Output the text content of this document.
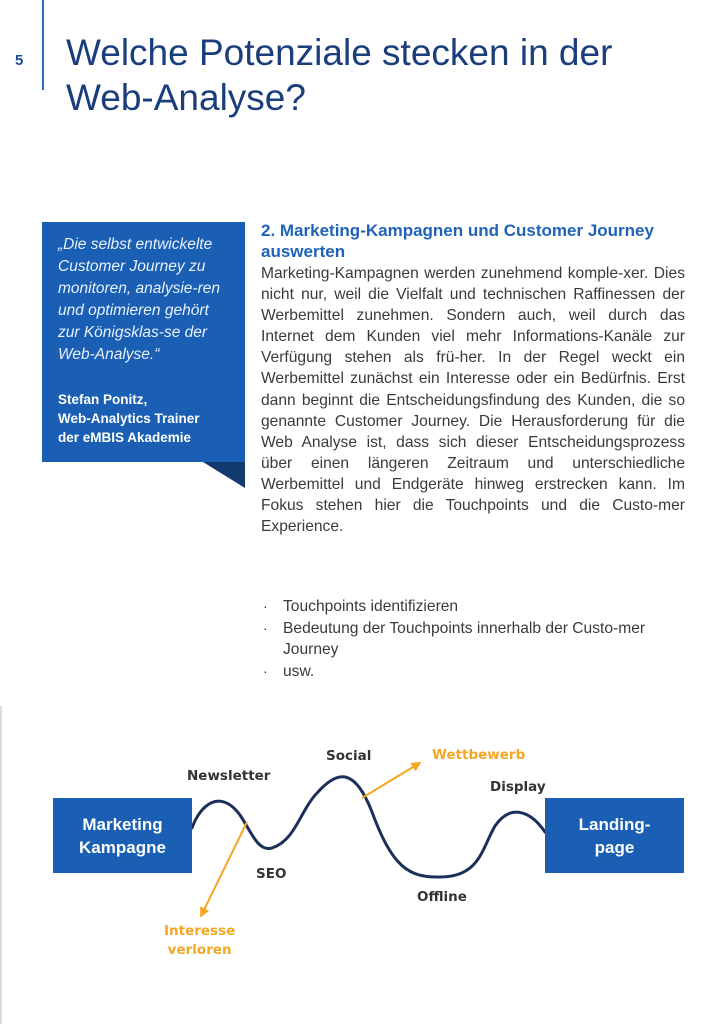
5 Welche Potenziale stecken in der Web-Analyse?

„Die selbst entwickelte Customer Journey zu monitoren, analysie-ren und optimieren gehört zur Königsklas-se der Web-Analyse.“

Stefan Ponitz,
Web-Analytics Trainer
der eMBIS Akademie
2. Marketing-Kampagnen und Customer Journey auswerten

Marketing-Kampagnen werden zunehmend komple-xer. Dies nicht nur, weil die Vielfalt und technischen Raffinessen der Werbemittel zunehmen. Sondern auch, weil durch das Internet dem Kunden viel mehr Informations-Kanäle zur Verfügung stehen als frü-her. In der Regel weckt ein Werbemittel zunächst ein Interesse oder ein Bedürfnis. Erst dann beginnt die Entscheidungsfindung des Kunden, die so genannte Customer Journey. Die Herausforderung für die Web Analyse ist, dass sich dieser Entscheidungsprozess über einen längeren Zeitraum und unterschiedliche Werbemittel und Endgeräte hinweg erstrecken kann. Im Fokus stehen hier die Touchpoints und die Custo-mer Experience.

· Touchpoints identifizieren
· Bedeutung der Touchpoints innerhalb der Custo-mer Journey
· usw.
Marketing
Kampagne
Landing-
page
Newsletter
Social
SEO
Offline
Display
Wettbewerb
Interesse
verloren
